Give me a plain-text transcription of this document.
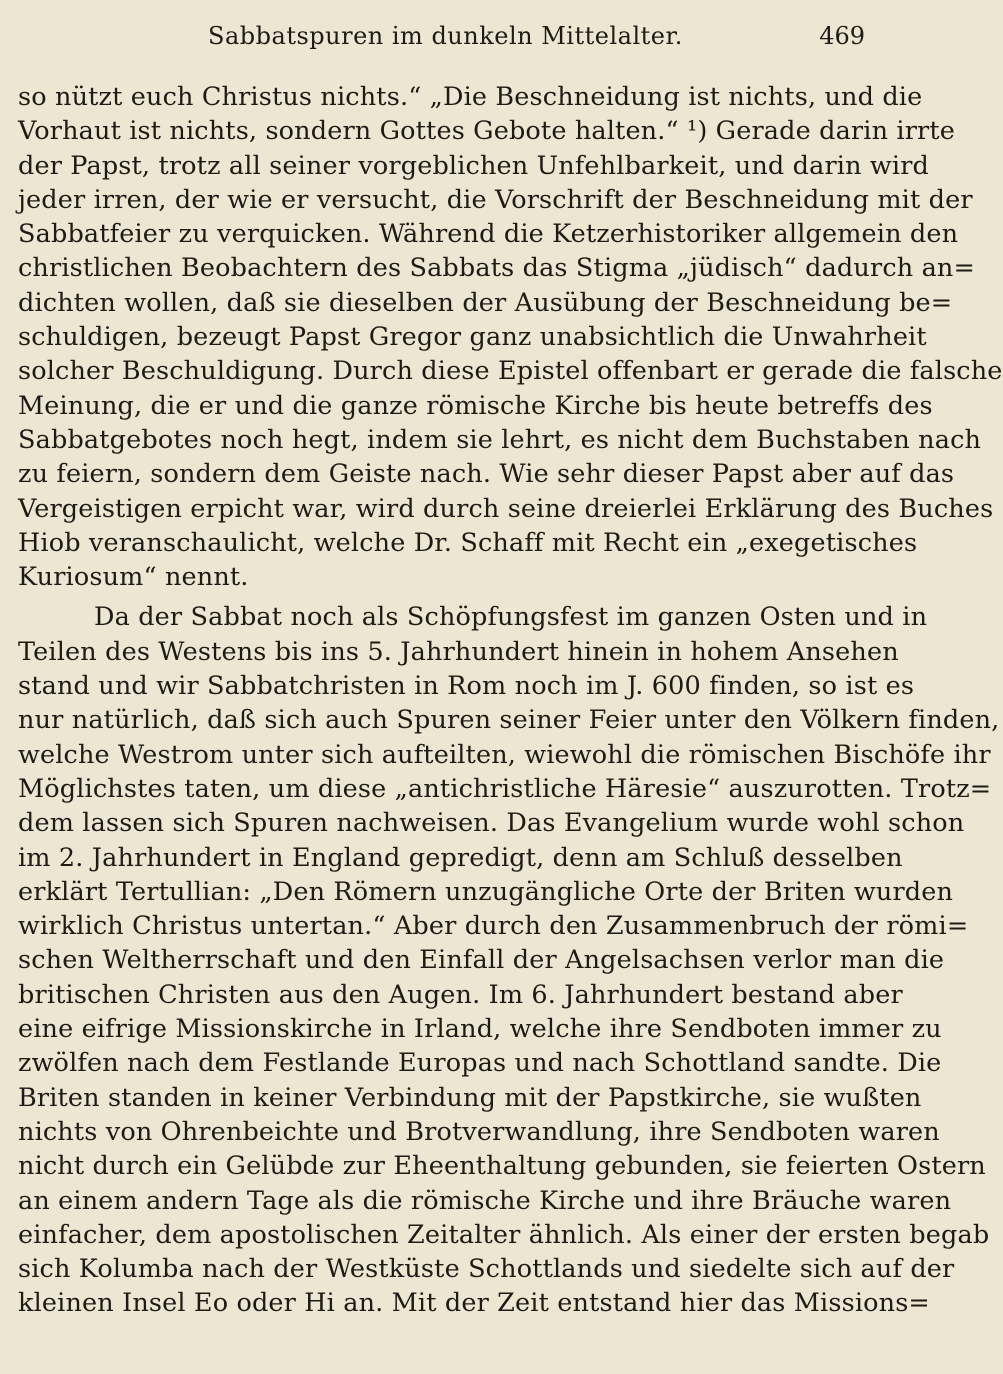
Sabbatspuren im dunkeln Mittelalter.	469
so nützt euch Christus nichts.“ „Die Beschneidung ist nichts, und die
Vorhaut ist nichts, sondern Gottes Gebote halten.“ ¹) Gerade darin irrte
der Papst, trotz all seiner vorgeblichen Unfehlbarkeit, und darin wird
jeder irren, der wie er versucht, die Vorschrift der Beschneidung mit der
Sabbatfeier zu verquicken. Während die Ketzerhistoriker allgemein den
christlichen Beobachtern des Sabbats das Stigma „jüdisch“ dadurch an=
dichten wollen, daß sie dieselben der Ausübung der Beschneidung be=
schuldigen, bezeugt Papst Gregor ganz unabsichtlich die Unwahrheit
solcher Beschuldigung. Durch diese Epistel offenbart er gerade die falsche
Meinung, die er und die ganze römische Kirche bis heute betreffs des
Sabbatgebotes noch hegt, indem sie lehrt, es nicht dem Buchstaben nach
zu feiern, sondern dem Geiste nach. Wie sehr dieser Papst aber auf das
Vergeistigen erpicht war, wird durch seine dreierlei Erklärung des Buches
Hiob veranschaulicht, welche Dr. Schaff mit Recht ein „exegetisches
Kuriosum“ nennt.
Da der Sabbat noch als Schöpfungsfest im ganzen Osten und in
Teilen des Westens bis ins 5. Jahrhundert hinein in hohem Ansehen
stand und wir Sabbatchristen in Rom noch im J. 600 finden, so ist es
nur natürlich, daß sich auch Spuren seiner Feier unter den Völkern finden,
welche Westrom unter sich aufteilten, wiewohl die römischen Bischöfe ihr
Möglichstes taten, um diese „antichristliche Häresie“ auszurotten. Trotz=
dem lassen sich Spuren nachweisen. Das Evangelium wurde wohl schon
im 2. Jahrhundert in England gepredigt, denn am Schluß desselben
erklärt Tertullian: „Den Römern unzugängliche Orte der Briten wurden
wirklich Christus untertan.“ Aber durch den Zusammenbruch der römi=
schen Weltherrschaft und den Einfall der Angelsachsen verlor man die
britischen Christen aus den Augen. Im 6. Jahrhundert bestand aber
eine eifrige Missionskirche in Irland, welche ihre Sendboten immer zu
zwölfen nach dem Festlande Europas und nach Schottland sandte. Die
Briten standen in keiner Verbindung mit der Papstkirche, sie wußten
nichts von Ohrenbeichte und Brotverwandlung, ihre Sendboten waren
nicht durch ein Gelübde zur Eheenthaltung gebunden, sie feierten Ostern
an einem andern Tage als die römische Kirche und ihre Bräuche waren
einfacher, dem apostolischen Zeitalter ähnlich. Als einer der ersten begab
sich Kolumba nach der Westküste Schottlands und siedelte sich auf der
kleinen Insel Eo oder Hi an. Mit der Zeit entstand hier das Missions=
